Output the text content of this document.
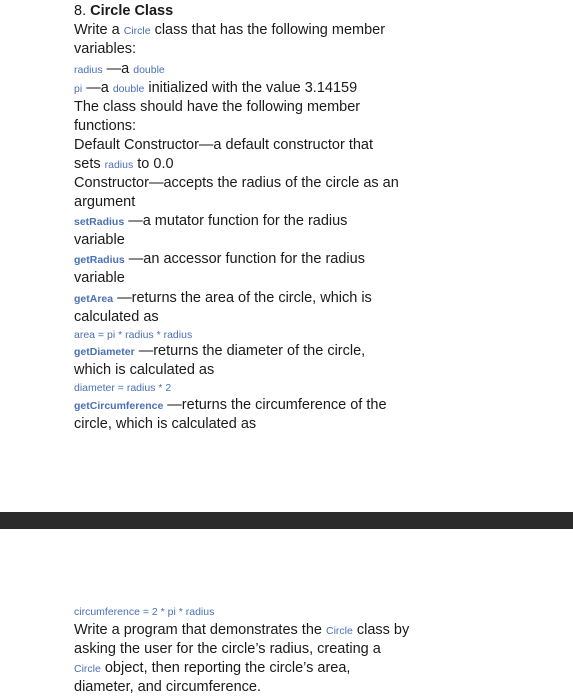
8. Circle Class
Write a Circle class that has the following member
variables:
radius —a double
pi —a double initialized with the value 3.14159
The class should have the following member
functions:
Default Constructor—a default constructor that
sets radius to 0.0
Constructor—accepts the radius of the circle as an
argument
setRadius —a mutator function for the radius
variable
getRadius —an accessor function for the radius
variable
getArea —returns the area of the circle, which is
calculated as
area = pi * radius * radius
getDiameter —returns the diameter of the circle,
which is calculated as
diameter = radius * 2
getCircumference —returns the circumference of the
circle, which is calculated as
circumference = 2 * pi * radius
Write a program that demonstrates the Circle class by
asking the user for the circle’s radius, creating a
Circle object, then reporting the circle’s area,
diameter, and circumference.
